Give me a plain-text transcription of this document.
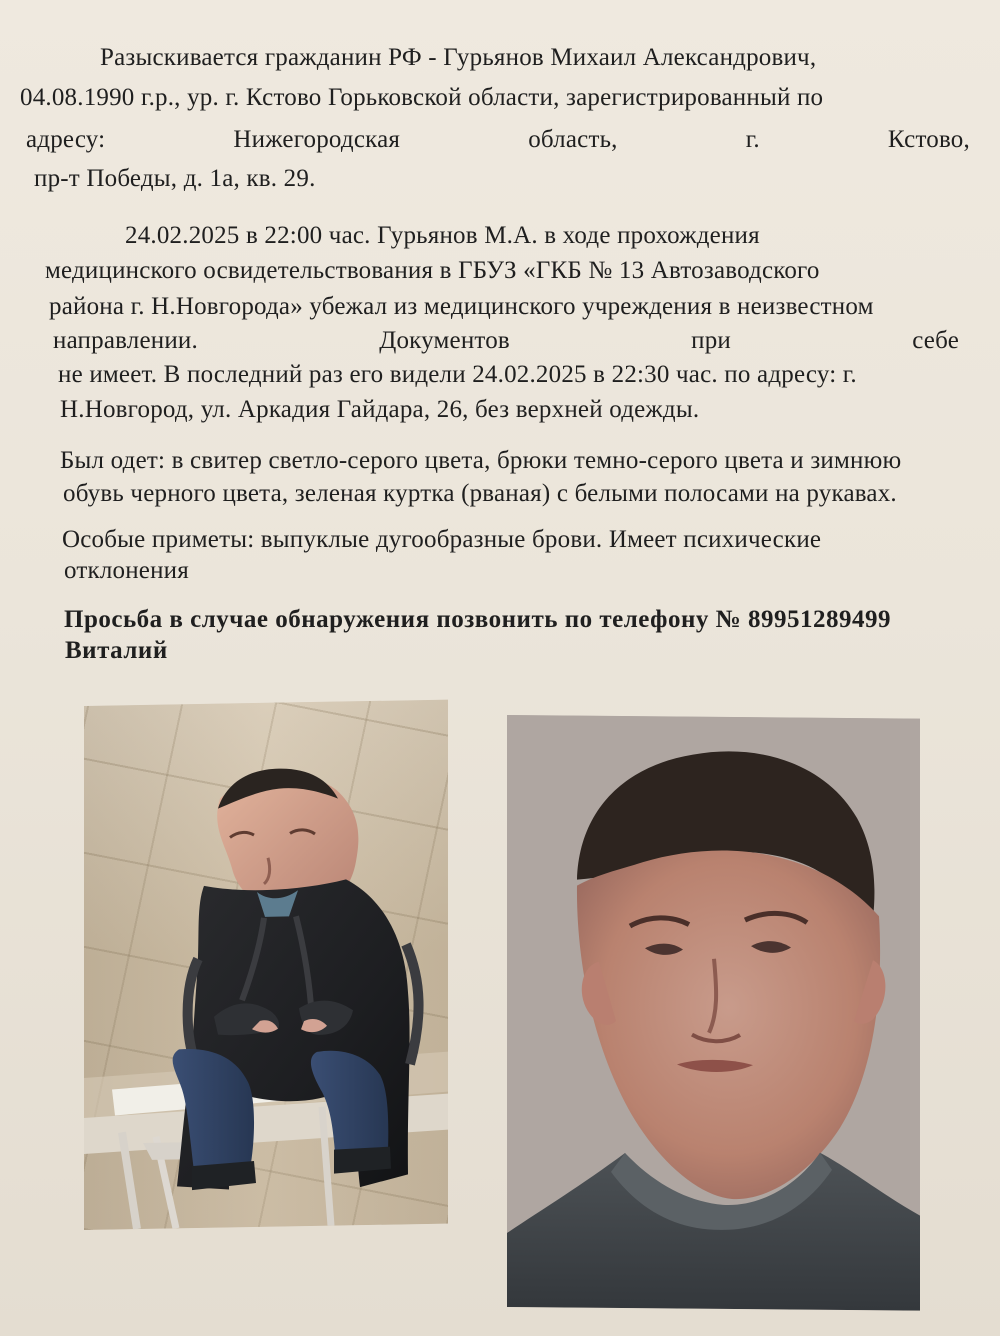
Разыскивается гражданин РФ - Гурьянов Михаил Александрович,
04.08.1990 г.р., ур. г. Кстово Горьковской области, зарегистрированный по
адресу:	Нижегородская	область,	г.	Кстово,
пр-т Победы, д. 1а, кв. 29.
24.02.2025 в 22:00 час. Гурьянов М.А. в ходе прохождения
медицинского освидетельствования в ГБУЗ «ГКБ № 13 Автозаводского
района г. Н.Новгорода» убежал из медицинского учреждения в неизвестном
направлении.	Документов	при	себе
не имеет. В последний раз его видели 24.02.2025 в 22:30 час. по адресу: г.
Н.Новгород, ул. Аркадия Гайдара, 26, без верхней одежды.
Был одет: в свитер светло-серого цвета, брюки темно-серого цвета и зимнюю
обувь черного цвета, зеленая куртка (рваная) с белыми полосами на рукавах.
Особые приметы: выпуклые дугообразные брови. Имеет психические
отклонения
Просьба в случае обнаружения позвонить по телефону № 89951289499
Виталий
